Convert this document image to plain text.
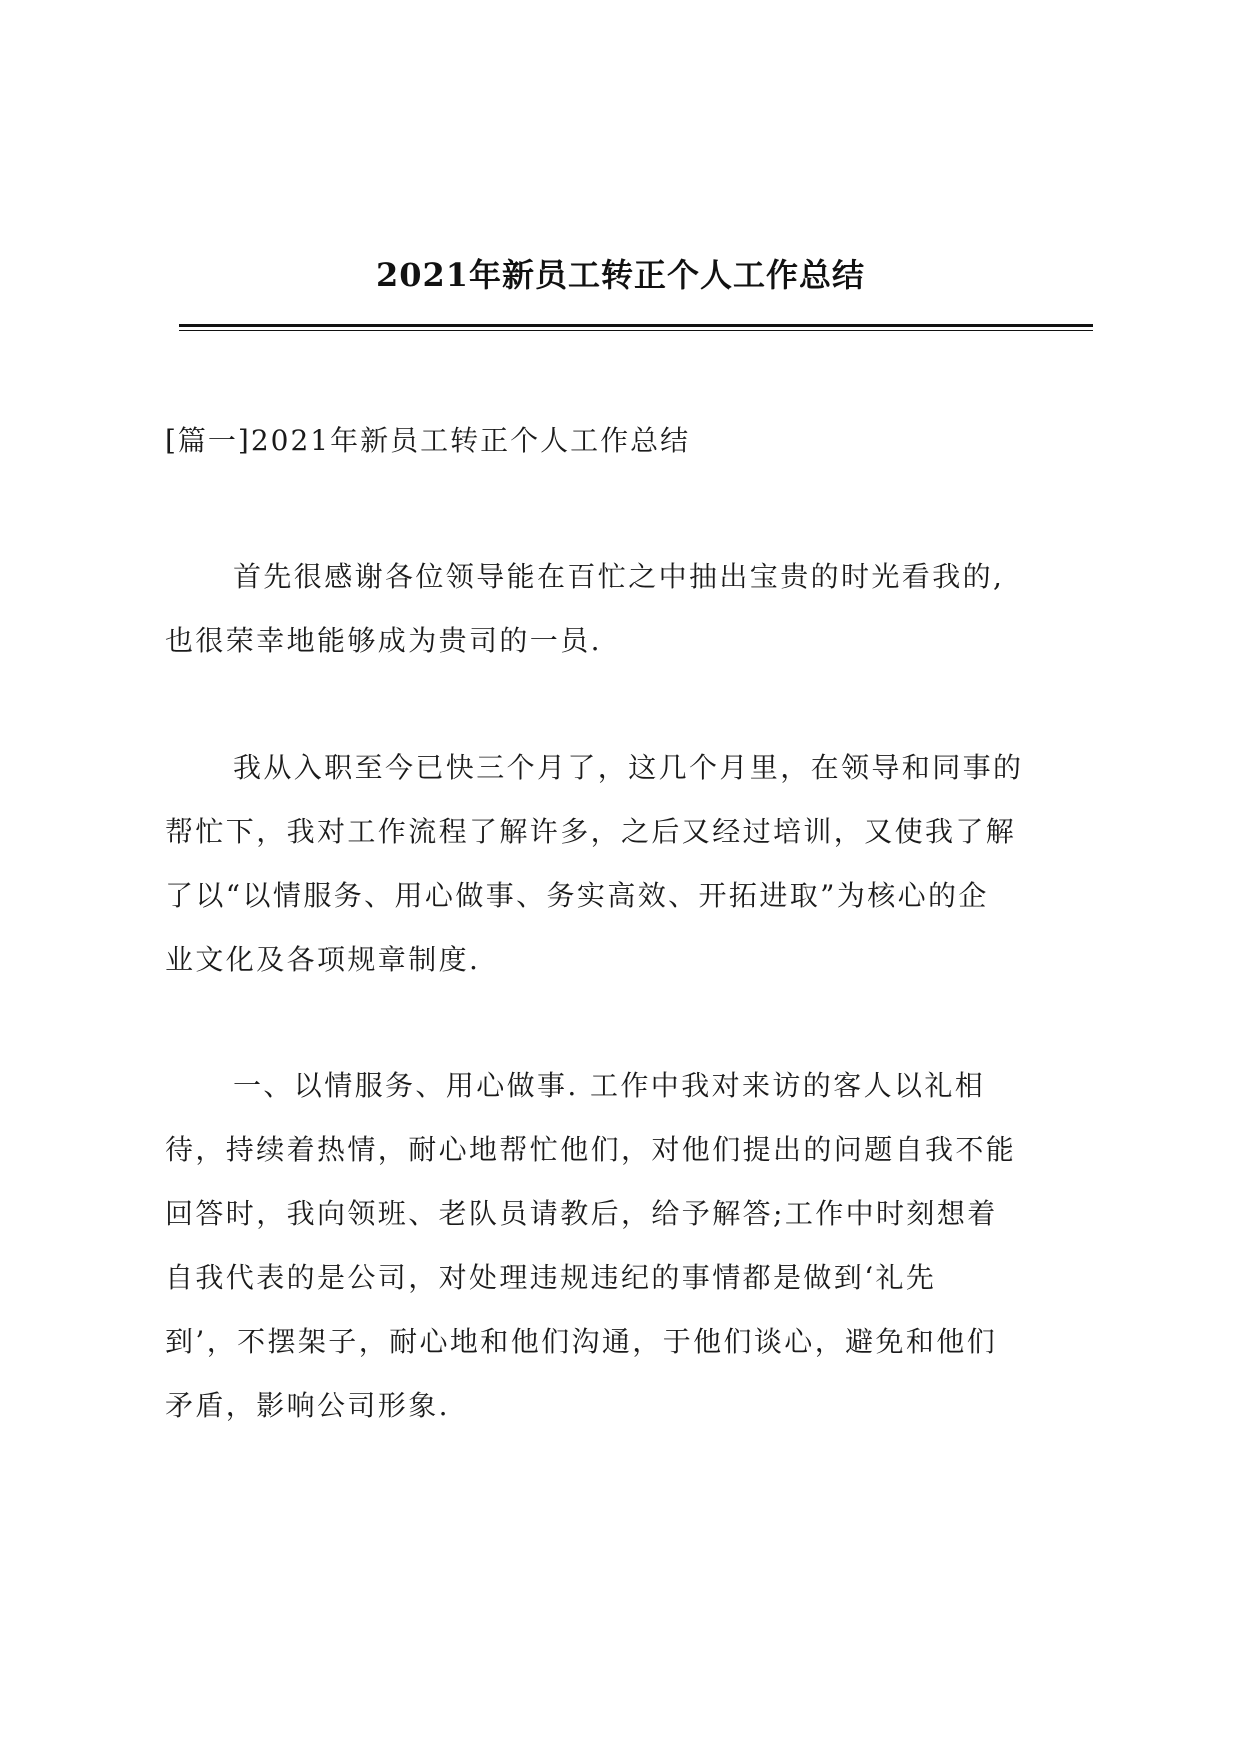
2021年新员工转正个人工作总结
[篇一]2021年新员工转正个人工作总结
首先很感谢各位领导能在百忙之中抽出宝贵的时光看我的,
也很荣幸地能够成为贵司的一员.
我从入职至今已快三个月了，这几个月里，在领导和同事的
帮忙下，我对工作流程了解许多，之后又经过培训，又使我了解
了以“以情服务、用心做事、务实高效、开拓进取”为核心的企
业文化及各项规章制度.
一、以情服务、用心做事. 工作中我对来访的客人以礼相
待，持续着热情，耐心地帮忙他们，对他们提出的问题自我不能
回答时，我向领班、老队员请教后，给予解答;工作中时刻想着
自我代表的是公司，对处理违规违纪的事情都是做到‘礼先
到’，不摆架子，耐心地和他们沟通，于他们谈心，避免和他们
矛盾，影响公司形象.
